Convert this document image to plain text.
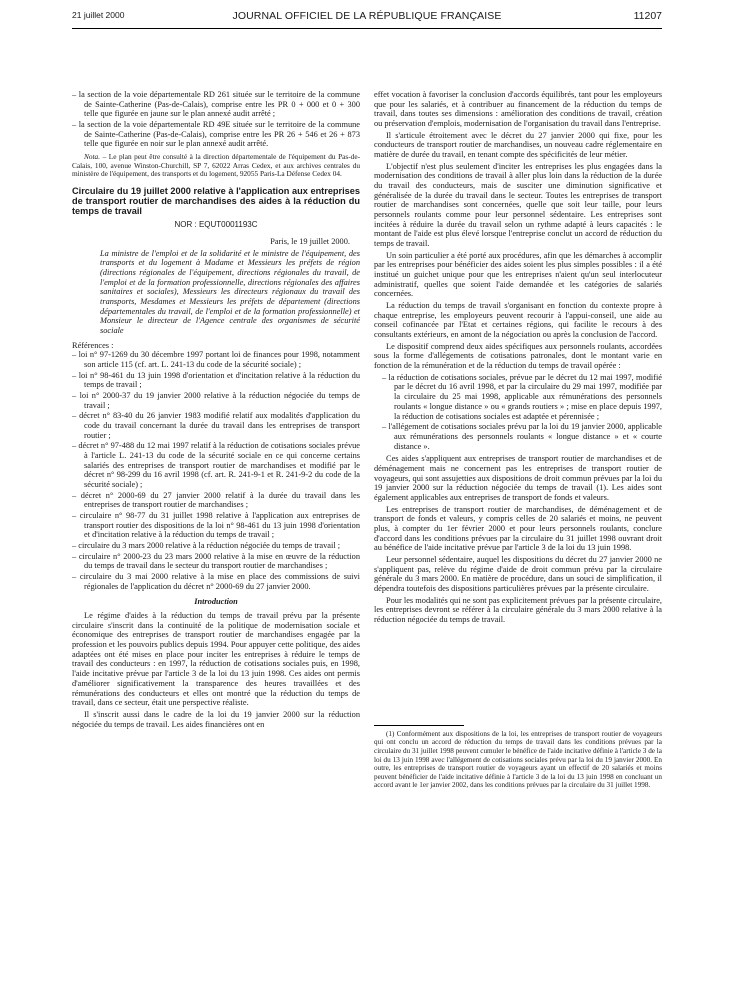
21 juillet 2000	JOURNAL OFFICIEL DE LA RÉPUBLIQUE FRANÇAISE	11207
– la section de la voie départementale RD 261 située sur le territoire de la commune de Sainte-Catherine (Pas-de-Calais), comprise entre les PR 0 + 000 et 0 + 300 telle que figurée en jaune sur le plan annexé audit arrêté ;
– la section de la voie départementale RD 49E située sur le territoire de la commune de Sainte-Catherine (Pas-de-Calais), comprise entre les PR 26 + 546 et 26 + 873 telle que figurée en noir sur le plan annexé audit arrêté.

Nota. – Le plan peut être consulté à la direction départementale de l'équipement du Pas-de-Calais, 100, avenue Winston-Churchill, SP 7, 62022 Arras Cedex, et aux archives centrales du ministère de l'équipement, des transports et du logement, 92055 Paris-La Défense Cedex 04.

Circulaire du 19 juillet 2000 relative à l'application aux entreprises de transport routier de marchandises des aides à la réduction du temps de travail
NOR : EQUT0001193C

Paris, le 19 juillet 2000.

La ministre de l'emploi et de la solidarité et le ministre de l'équipement, des transports et du logement à Madame et Messieurs les préfets de région (directions régionales de l'équipement, directions régionales du travail, de l'emploi et de la formation professionnelle, directions régionales des affaires sanitaires et sociales), Messieurs les directeurs régionaux du travail des transports, Mesdames et Messieurs les préfets de département (directions départementales du travail, de l'emploi et de la formation professionnelle) et Monsieur le directeur de l'Agence centrale des organismes de sécurité sociale

Références :

– loi n° 97-1269 du 30 décembre 1997 portant loi de finances pour 1998, notamment son article 115 (cf. art. L. 241-13 du code de la sécurité sociale) ;
– loi n° 98-461 du 13 juin 1998 d'orientation et d'incitation relative à la réduction du temps de travail ;
– loi n° 2000-37 du 19 janvier 2000 relative à la réduction négociée du temps de travail ;
– décret n° 83-40 du 26 janvier 1983 modifié relatif aux modalités d'application du code du travail concernant la durée du travail dans les entreprises de transport routier ;
– décret n° 97-488 du 12 mai 1997 relatif à la réduction de cotisations sociales prévue à l'article L. 241-13 du code de la sécurité sociale en ce qui concerne certains salariés des entreprises de transport routier de marchandises et modifié par le décret n° 98-299 du 16 avril 1998 (cf. art. R. 241-9-1 et R. 241-9-2 du code de la sécurité sociale) ;
– décret n° 2000-69 du 27 janvier 2000 relatif à la durée du travail dans les entreprises de transport routier de marchandises ;
– circulaire n° 98-77 du 31 juillet 1998 relative à l'application aux entreprises de transport routier des dispositions de la loi n° 98-461 du 13 juin 1998 d'orientation et d'incitation relative à la réduction du temps de travail ;
– circulaire du 3 mars 2000 relative à la réduction négociée du temps de travail ;
– circulaire n° 2000-23 du 23 mars 2000 relative à la mise en œuvre de la réduction du temps de travail dans le secteur du transport routier de marchandises ;
– circulaire du 3 mai 2000 relative à la mise en place des commissions de suivi régionales de l'application du décret n° 2000-69 du 27 janvier 2000.
Introduction

Le régime d'aides à la réduction du temps de travail prévu par la présente circulaire s'inscrit dans la continuité de la politique de modernisation sociale et économique des entreprises de transport routier de marchandises engagée par la profession et les pouvoirs publics depuis 1994. Pour appuyer cette politique, des aides adaptées ont été mises en place pour inciter les entreprises à réduire le temps de travail des conducteurs : en 1997, la réduction de cotisations sociales puis, en 1998, l'aide incitative prévue par l'article 3 de la loi du 13 juin 1998. Ces aides ont permis d'améliorer significativement la transparence des heures travaillées et des rémunérations des conducteurs et elles ont montré que la réduction du temps de travail, dans ce secteur, était une perspective réaliste.

Il s'inscrit aussi dans le cadre de la loi du 19 janvier 2000 sur la réduction négociée du temps de travail. Les aides financières ont en

effet vocation à favoriser la conclusion d'accords équilibrés, tant pour les employeurs que pour les salariés, et à contribuer au financement de la réduction du temps de travail, dans toutes ses dimensions : amélioration des conditions de travail, création ou préservation d'emplois, modernisation de l'organisation du travail dans l'entreprise.

Il s'articule étroitement avec le décret du 27 janvier 2000 qui fixe, pour les conducteurs de transport routier de marchandises, un nouveau cadre réglementaire en matière de durée du travail, en tenant compte des spécificités de leur métier.

L'objectif n'est plus seulement d'inciter les entreprises les plus engagées dans la modernisation des conditions de travail à aller plus loin dans la réduction de la durée du travail des conducteurs, mais de susciter une diminution significative et généralisée de la durée du travail dans le secteur. Toutes les entreprises de transport routier de marchandises sont concernées, quelle que soit leur taille, pour leurs personnels roulants comme pour leur personnel sédentaire. Les entreprises sont incitées à réduire la durée du travail selon un rythme adapté à leurs capacités : le montant de l'aide est plus élevé lorsque l'entreprise conclut un accord de réduction du temps de travail.

Un soin particulier a été porté aux procédures, afin que les démarches à accomplir par les entreprises pour bénéficier des aides soient les plus simples possibles : il a été institué un guichet unique pour que les entreprises n'aient qu'un seul interlocuteur administratif, quelles que soient l'aide demandée et les catégories de salariés concernées.

La réduction du temps de travail s'organisant en fonction du contexte propre à chaque entreprise, les employeurs peuvent recourir à l'appui-conseil, une aide au conseil cofinancée par l'Etat et certaines régions, qui facilite le recours à des consultants extérieurs, en amont de la négociation ou après la conclusion de l'accord.

Le dispositif comprend deux aides spécifiques aux personnels roulants, accordées sous la forme d'allégements de cotisations patronales, dont le montant varie en fonction de la rémunération et de la réduction du temps de travail opérée :

– la réduction de cotisations sociales, prévue par le décret du 12 mai 1997, modifié par le décret du 16 avril 1998, et par la circulaire du 29 mai 1997, modifiée par la circulaire du 25 mai 1998, applicable aux rémunérations des personnels roulants « longue distance » ou « grands routiers » ; mise en place depuis 1997, la réduction de cotisations sociales est adaptée et pérennisée ;
– l'allégement de cotisations sociales prévu par la loi du 19 janvier 2000, applicable aux rémunérations des personnels roulants « longue distance » et « courte distance ».

Ces aides s'appliquent aux entreprises de transport routier de marchandises et de déménagement mais ne concernent pas les entreprises de transport routier de voyageurs, qui sont assujetties aux dispositions de droit commun prévues par la loi du 19 janvier 2000 sur la réduction négociée du temps de travail (1). Les aides sont également applicables aux entreprises de transport de fonds et valeurs.

Les entreprises de transport routier de marchandises, de déménagement et de transport de fonds et valeurs, y compris celles de 20 salariés et moins, ne peuvent plus, à compter du 1er février 2000 et pour leurs personnels roulants, conclure d'accord dans les conditions prévues par la circulaire du 31 juillet 1998 ouvrant droit au bénéfice de l'aide incitative prévue par l'article 3 de la loi du 13 juin 1998.

Leur personnel sédentaire, auquel les dispositions du décret du 27 janvier 2000 ne s'appliquent pas, relève du régime d'aide de droit commun prévu par la circulaire générale du 3 mars 2000. En matière de procédure, dans un souci de simplification, il dépendra toutefois des dispositions particulières prévues par la présente circulaire.

Pour les modalités qui ne sont pas explicitement prévues par la présente circulaire, les entreprises devront se référer à la circulaire générale du 3 mars 2000 relative à la réduction négociée du temps de travail.

(1) Conformément aux dispositions de la loi, les entreprises de transport routier de voyageurs qui ont conclu un accord de réduction du temps de travail dans les conditions prévues par la circulaire du 31 juillet 1998 peuvent cumuler le bénéfice de l'aide incitative définie à l'article 3 de la loi du 13 juin 1998 avec l'allégement de cotisations sociales prévu par la loi du 19 janvier 2000. En outre, les entreprises de transport routier de voyageurs ayant un effectif de 20 salariés et moins peuvent bénéficier de l'aide incitative définie à l'article 3 de la loi du 13 juin 1998 en concluant un accord avant le 1er janvier 2002, dans les conditions prévues par la circulaire du 31 juillet 1998.
